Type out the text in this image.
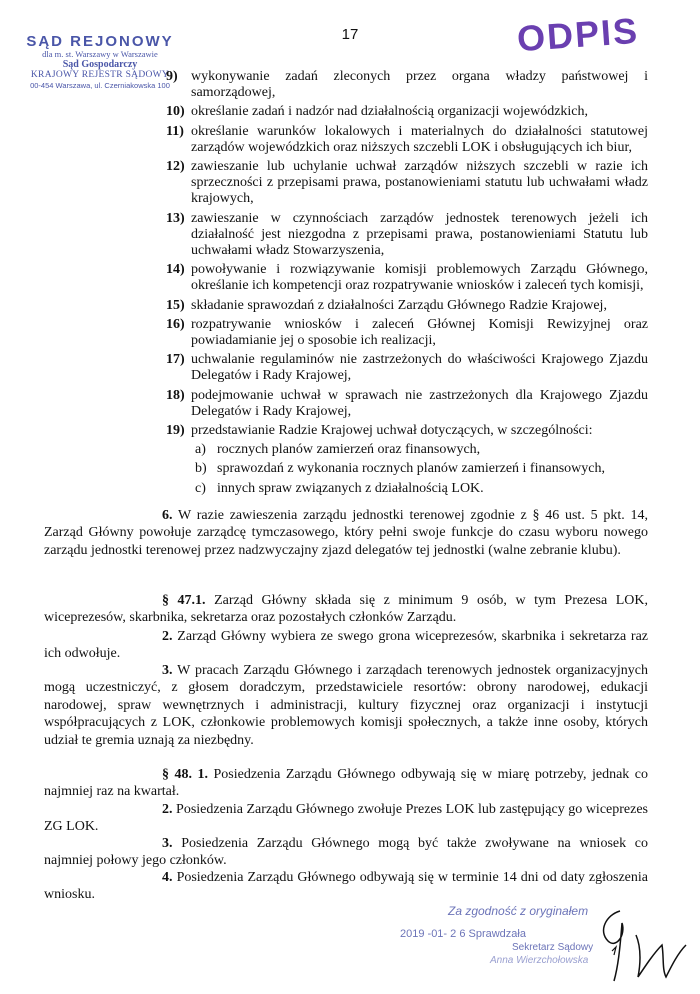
17
SĄD REJONOWY
dla m. st. Warszawy w Warszawie
Sąd Gospodarczy
KRAJOWY REJESTR SĄDOWY
00-454 Warszawa, ul. Czerniakowska 100
ODPIS
9) wykonywanie zadań zleconych przez organa władzy państwowej i samorządowej,
10) określanie zadań i nadzór nad działalnością organizacji wojewódzkich,
11) określanie warunków lokalowych i materialnych do działalności statutowej zarządów wojewódzkich oraz niższych szczebli LOK i obsługujących ich biur,
12) zawieszanie lub uchylanie uchwał zarządów niższych szczebli w razie ich sprzeczności z przepisami prawa, postanowieniami statutu lub uchwałami władz krajowych,
13) zawieszanie w czynnościach zarządów jednostek terenowych jeżeli ich działalność jest niezgodna z przepisami prawa, postanowieniami Statutu lub uchwałami władz Stowarzyszenia,
14) powoływanie i rozwiązywanie komisji problemowych Zarządu Głównego, określanie ich kompetencji oraz rozpatrywanie wniosków i zaleceń tych komisji,
15) składanie sprawozdań z działalności Zarządu Głównego Radzie Krajowej,
16) rozpatrywanie wniosków i zaleceń Głównej Komisji Rewizyjnej oraz powiadamianie jej o sposobie ich realizacji,
17) uchwalanie regulaminów nie zastrzeżonych do właściwości Krajowego Zjazdu Delegatów i Rady Krajowej,
18) podejmowanie uchwał w sprawach nie zastrzeżonych dla Krajowego Zjazdu Delegatów i Rady Krajowej,
19) przedstawianie Radzie Krajowej uchwał dotyczących, w szczególności:
a) rocznych planów zamierzeń oraz finansowych,
b) sprawozdań z wykonania rocznych planów zamierzeń i finansowych,
c) innych spraw związanych z działalnością LOK.
6. W razie zawieszenia zarządu jednostki terenowej zgodnie z § 46 ust. 5 pkt. 14, Zarząd Główny powołuje zarządcę tymczasowego, który pełni swoje funkcje do czasu wyboru nowego zarządu jednostki terenowej przez nadzwyczajny zjazd delegatów tej jednostki (walne zebranie klubu).
§ 47.1. Zarząd Główny składa się z minimum 9 osób, w tym Prezesa LOK, wiceprezesów, skarbnika, sekretarza oraz pozostałych członków Zarządu.
2. Zarząd Główny wybiera ze swego grona wiceprezesów, skarbnika i sekretarza raz ich odwołuje.
3. W pracach Zarządu Głównego i zarządach terenowych jednostek organizacyjnych mogą uczestniczyć, z głosem doradczym, przedstawiciele resortów: obrony narodowej, edukacji narodowej, spraw wewnętrznych i administracji, kultury fizycznej oraz organizacji i instytucji współpracujących z LOK, członkowie problemowych komisji społecznych, a także inne osoby, których udział te gremia uznają za niezbędny.
§ 48. 1. Posiedzenia Zarządu Głównego odbywają się w miarę potrzeby, jednak co najmniej raz na kwartał.
2. Posiedzenia Zarządu Głównego zwołuje Prezes LOK lub zastępujący go wiceprezes ZG LOK.
3. Posiedzenia Zarządu Głównego mogą być także zwoływane na wniosek co najmniej połowy jego członków.
4. Posiedzenia Zarządu Głównego odbywają się w terminie 14 dni od daty zgłoszenia wniosku.
Za zgodność z oryginałem
2019 -01- 2 6 Sprawdzała
Sekretarz Sądowy
Anna Wierzchołowska
